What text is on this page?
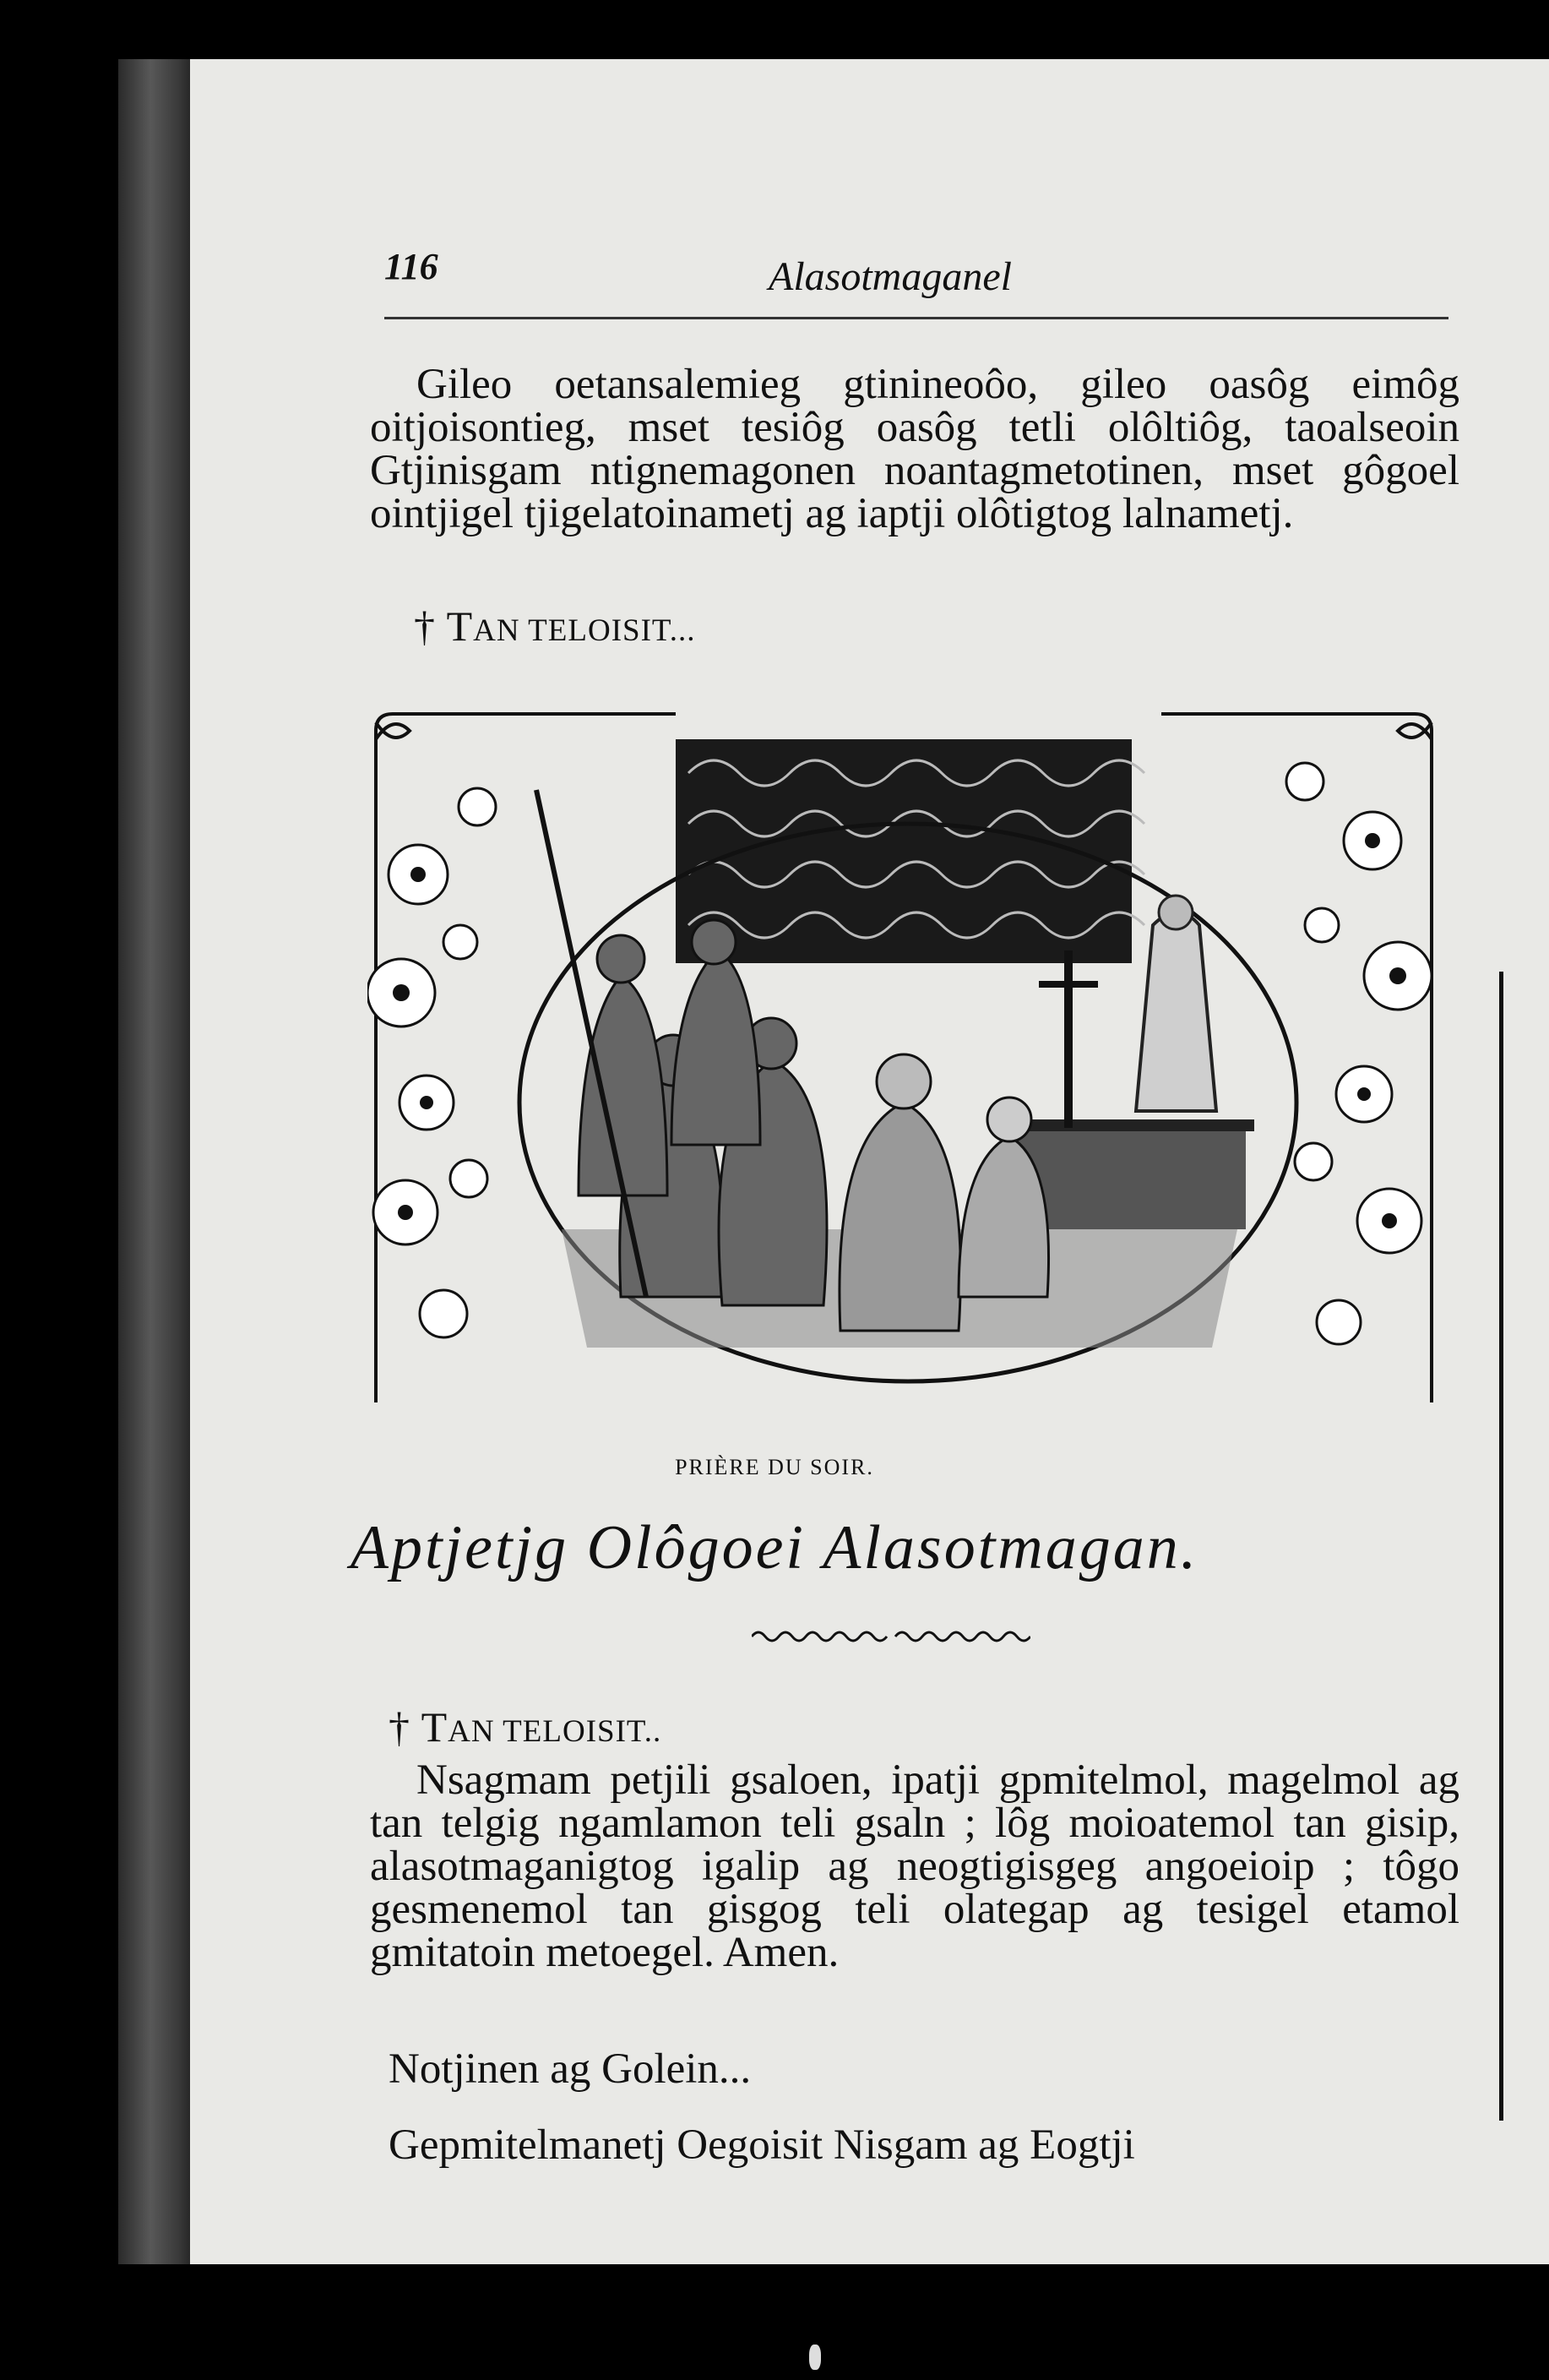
116	Alasotmaganel

Gileo oetansalemieg gtinineoôo, gileo oasôg eimôg oitjoisontieg, mset tesiôg oasôg tetli olôltiôg, taoalseoin Gtjinisgam ntignemagonen noantagmetotinen, mset gôgoel ointjigel tjigelatoinametj ag iaptji olôtigtog lalnametj.

† TAN TELOISIT...
PRIÈRE DU SOIR.
Aptjetjg Olôgoei Alasotmagan.
† TAN TELOISIT..

Nsagmam petjili gsaloen, ipatji gpmitelmol, magelmol ag tan telgig ngamlamon teli gsaln ; lôg moioatemol tan gisip, alasotmaganigtog igalip ag neogtigisgeg angoeioip ; tôgo gesmenemol tan gisgog teli olategap ag tesigel etamol gmitatoin metoegel. Amen.

Notjinen ag Golein...
Gepmitelmanetj Oegoisit Nisgam ag Eogtji
